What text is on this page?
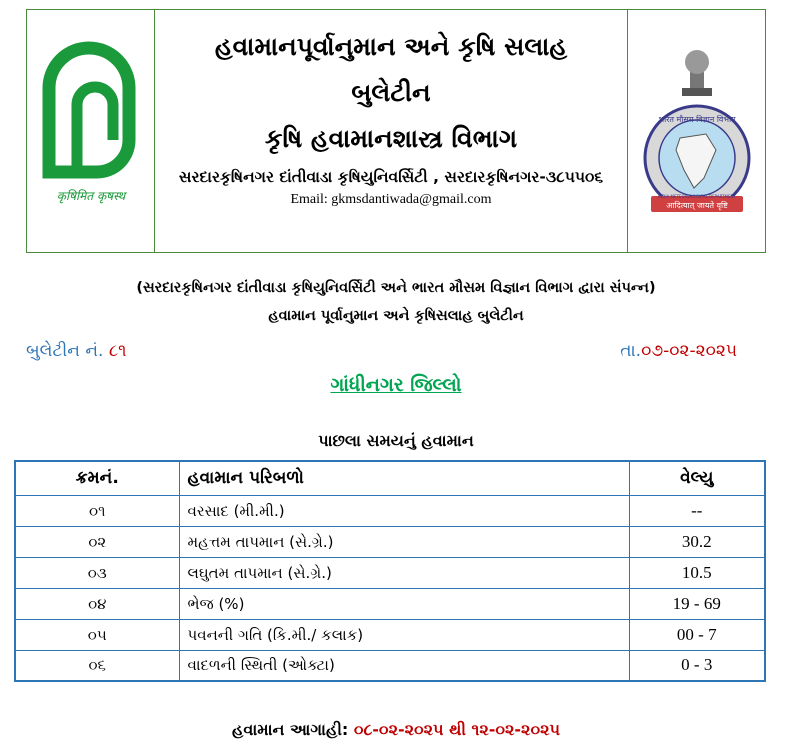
कृषिमित कृषस्थ
હવામાનપૂર્વાનુમાન અને કૃષિ સલાહ
બુલેટીન
કૃષિ હવામાનશાસ્ત્ર વિભાગ
સરદારકૃષિનગર દાંતીવાડા કૃષિયુનિવર્સિટી , સરદારકૃષિનગર-૩૮૫૫૦૬
Email: gkmsdantiwada@gmail.com	आदित्यात् जायते वृष्टि
भारत मौसम विज्ञान विभाग
INDIA METEOROLOGICAL DEPARTMENT
(સરદારકૃષિનગર દાંતીવાડા કૃષિયુનિવર્સિટી અને ભારત મૌસમ વિજ્ઞાન વિભાગ દ્વારા સંપન્ન)
હવામાન પૂર્વાનુમાન અને કૃષિસલાહ બુલેટીન
બુલેટીન નં. ૮૧	તા.૦૭-૦૨-૨૦૨૫
ગાંધીનગર જિલ્લો
પાછલા સમયનું હવામાન
ક્રમનં.	હવામાન પરિબળો	વેલ્યુ
૦૧	વરસાદ (મી.મી.)	--
૦૨	મહત્તમ તાપમાન (સે.ગ્રે.)	30.2
૦૩	લઘુતમ તાપમાન (સે.ગ્રે.)	10.5
૦૪	ભેજ (%)	19 - 69
૦૫	પવનની ગતિ (કિ.મી./ કલાક)	00 - 7
૦૬	વાદળની સ્થિતી (ઓક્ટા)	0 - 3
હવામાન આગાહી: ૦૮-૦૨-૨૦૨૫ થી ૧૨-૦૨-૨૦૨૫
